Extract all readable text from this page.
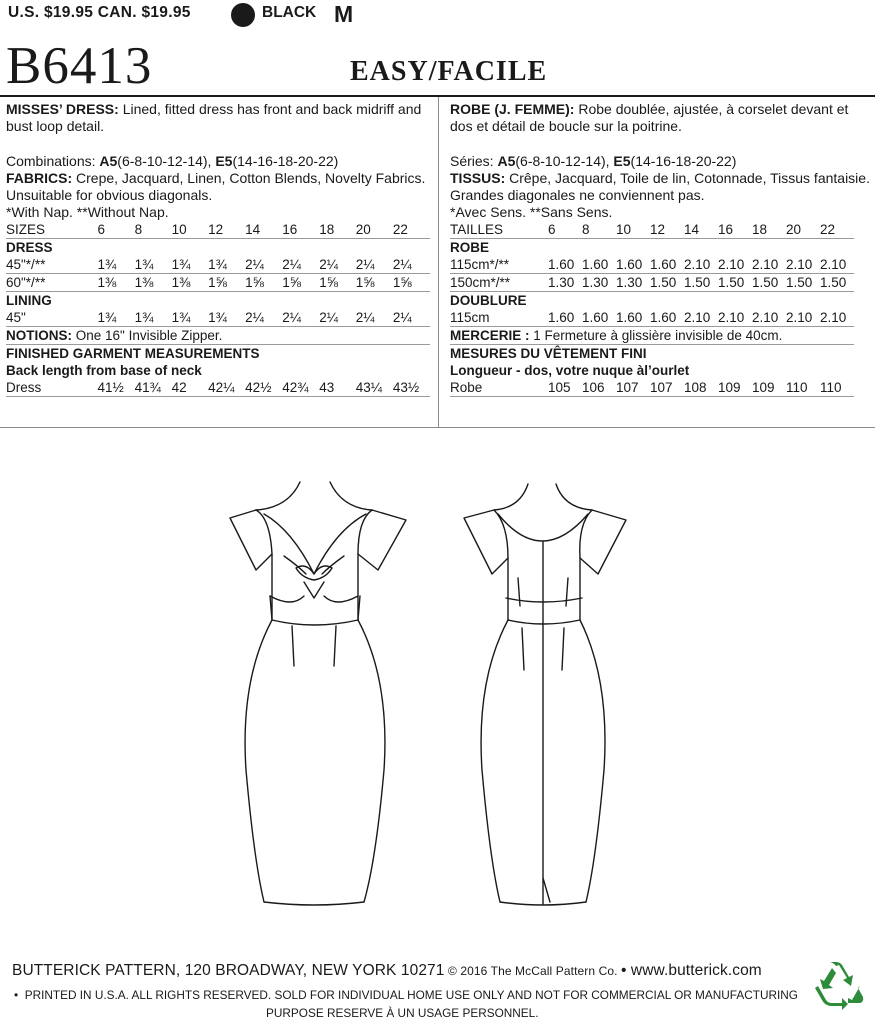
U.S. $19.95 CAN. $19.95	BLACK M
B6413	EASY/FACILE

MISSES’ DRESS: Lined, fitted dress has front and back midriff and bust loop detail.

Combinations: A5(6-8-10-12-14), E5(14-16-18-20-22)

FABRICS: Crepe, Jacquard, Linen, Cotton Blends, Novelty Fabrics.

Unsuitable for obvious diagonals.

*With Nap. **Without Nap.

SIZES	6	8	10	12	14	16	18	20	22
DRESS									
45"*/**	1¾	1¾	1¾	1¾	2¼	2¼	2¼	2¼	2¼
60"*/**	1⅜	1⅜	1⅜	1⅝	1⅝	1⅝	1⅝	1⅝	1⅝
LINING									
45"	1¾	1¾	1¾	1¾	2¼	2¼	2¼	2¼	2¼
NOTIONS: One 16" Invisible Zipper.									
FINISHED GARMENT MEASUREMENTS									
Back length from base of neck									
Dress	41½	41¾	42	42¼	42½	42¾	43	43¼	43½

ROBE (J. FEMME): Robe doublée, ajustée, à corselet devant et dos et détail de boucle sur la poitrine.

Séries: A5(6-8-10-12-14), E5(14-16-18-20-22)

TISSUS: Crêpe, Jacquard, Toile de lin, Cotonnade, Tissus fantaisie.

Grandes diagonales ne conviennent pas.

*Avec Sens. **Sans Sens.

TAILLES	6	8	10	12	14	16	18	20	22
ROBE									
115cm*/**	1.60	1.60	1.60	1.60	2.10	2.10	2.10	2.10	2.10
150cm*/**	1.30	1.30	1.30	1.50	1.50	1.50	1.50	1.50	1.50
DOUBLURE									
115cm	1.60	1.60	1.60	1.60	2.10	2.10	2.10	2.10	2.10
MERCERIE : 1 Fermeture à glissière invisible de 40cm.									
MESURES DU VÊTEMENT FINI									
Longueur - dos, votre nuque àl’ourlet									
Robe	105	106	107	107	108	109	109	110	110
BUTTERICK PATTERN, 120 BROADWAY, NEW YORK 10271 © 2016 The McCall Pattern Co. • www.butterick.com
• PRINTED IN U.S.A. ALL RIGHTS RESERVED. SOLD FOR INDIVIDUAL HOME USE ONLY AND NOT FOR COMMERCIAL OR MANUFACTURING
PURPOSE RESERVE À UN USAGE PERSONNEL.
